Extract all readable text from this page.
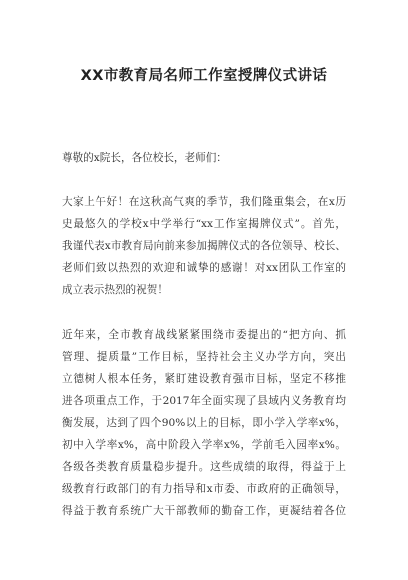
XX市教育局名师工作室授牌仪式讲话
尊敬的x院长，各位校长，老师们：
大家上午好！在这秋高气爽的季节，我们隆重集会，在x历
史最悠久的学校x中学举行“xx工作室揭牌仪式”。首先，
我谨代表x市教育局向前来参加揭牌仪式的各位领导、校长、
老师们致以热烈的欢迎和诚挚的感谢！对xx团队工作室的
成立表示热烈的祝贺！
近年来，全市教育战线紧紧围绕市委提出的“把方向、抓
管理、提质量”工作目标，坚持社会主义办学方向，突出
立德树人根本任务，紧盯建设教育强市目标，坚定不移推
进各项重点工作，于2017年全面实现了县域内义务教育均
衡发展，达到了四个90%以上的目标，即小学入学率x%，
初中入学率x%，高中阶段入学率x%，学前毛入园率x%。
各级各类教育质量稳步提升。这些成绩的取得，得益于上
级教育行政部门的有力指导和x市委、市政府的正确领导，
得益于教育系统广大干部教师的勤奋工作，更凝结着各位
